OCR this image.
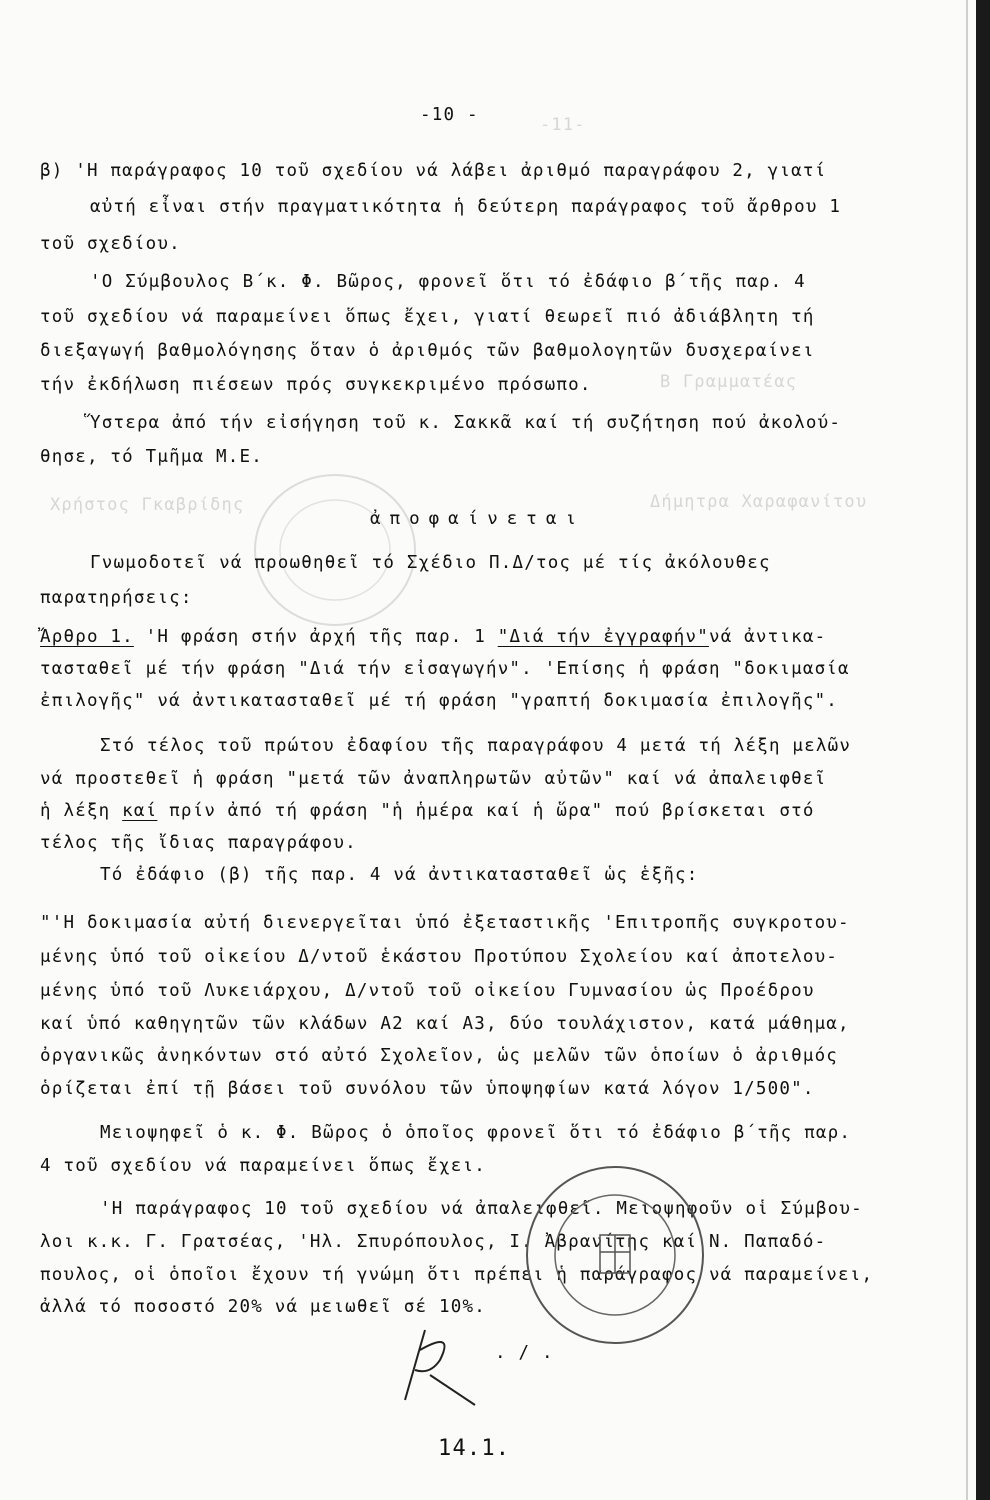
-11-
Β Γραμματέας
Χρήστος Γκαβρίδης	Δήμητρα Χαραφανίτου
-10 -
β) 'Η παράγραφος 10 τοῦ σχεδίου νά λάβει ἀριθμό παραγράφου 2, γιατί
αὐτή εἶναι στήν πραγματικότητα ἡ δεύτερη παράγραφος τοῦ ἄρθρου 1
τοῦ σχεδίου.
'Ο Σύμβουλος Β΄κ. Φ. Βῶρος, φρονεῖ ὅτι τό ἐδάφιο β΄τῆς παρ. 4
τοῦ σχεδίου νά παραμείνει ὅπως ἔχει, γιατί θεωρεῖ πιό ἀδιάβλητη τή
διεξαγωγή βαθμολόγησης ὅταν ὁ ἀριθμός τῶν βαθμολογητῶν δυσχεραίνει
τήν ἐκδήλωση πιέσεων πρός συγκεκριμένο πρόσωπο.
Ὕστερα ἀπό τήν εἰσήγηση τοῦ κ. Σακκᾶ καί τή συζήτηση πού ἀκολού-
θησε, τό Τμῆμα Μ.Ε.
ἀποφαίνεται
Γνωμοδοτεῖ νά προωθηθεῖ τό Σχέδιο Π.Δ/τος μέ τίς ἀκόλουθες
παρατηρήσεις:
Ἄρθρο 1. 'Η φράση στήν ἀρχή τῆς παρ. 1 "Διά τήν ἐγγραφήν"νά ἀντικα-
τασταθεῖ μέ τήν φράση "Διά τήν εἰσαγωγήν". 'Επίσης ἡ φράση "δοκιμασία
ἐπιλογῆς" νά ἀντικατασταθεῖ μέ τή φράση "γραπτή δοκιμασία ἐπιλογῆς".
Στό τέλος τοῦ πρώτου ἐδαφίου τῆς παραγράφου 4 μετά τή λέξη μελῶν
νά προστεθεῖ ἡ φράση "μετά τῶν ἀναπληρωτῶν αὐτῶν" καί νά ἀπαλειφθεῖ
ἡ λέξη καί πρίν ἀπό τή φράση "ἡ ἡμέρα καί ἡ ὥρα" πού βρίσκεται στό
τέλος τῆς ἴδιας παραγράφου.
Τό ἐδάφιο (β) τῆς παρ. 4 νά ἀντικατασταθεῖ ὡς ἑξῆς:
"'Η δοκιμασία αὐτή διενεργεῖται ὑπό ἐξεταστικῆς 'Επιτροπῆς συγκροτου-
μένης ὑπό τοῦ οἰκείου Δ/ντοῦ ἑκάστου Προτύπου Σχολείου καί ἀποτελου-
μένης ὑπό τοῦ Λυκειάρχου, Δ/ντοῦ τοῦ οἰκείου Γυμνασίου ὡς Προέδρου
καί ὑπό καθηγητῶν τῶν κλάδων Α2 καί Α3, δύο τουλάχιστον, κατά μάθημα,
ὀργανικῶς ἀνηκόντων στό αὐτό Σχολεῖον, ὡς μελῶν τῶν ὁποίων ὁ ἀριθμός
ὁρίζεται ἐπί τῇ βάσει τοῦ συνόλου τῶν ὑποψηφίων κατά λόγον 1/500".
Μειοψηφεῖ ὁ κ. Φ. Βῶρος ὁ ὁποῖος φρονεῖ ὅτι τό ἐδάφιο β΄τῆς παρ.
4 τοῦ σχεδίου νά παραμείνει ὅπως ἔχει.
'Η παράγραφος 10 τοῦ σχεδίου νά ἀπαλειφθεῖ. Μειοψηφοῦν οἱ Σύμβου-
λοι κ.κ. Γ. Γρατσέας, 'Ηλ. Σπυρόπουλος, Ι. Ἀβρανίτης καί Ν. Παπαδό-
πουλος, οἱ ὁποῖοι ἔχουν τή γνώμη ὅτι πρέπει ἡ παράγραφος νά παραμείνει,
ἀλλά τό ποσοστό 20% νά μειωθεῖ σέ 10%.
. / .
14.1.
